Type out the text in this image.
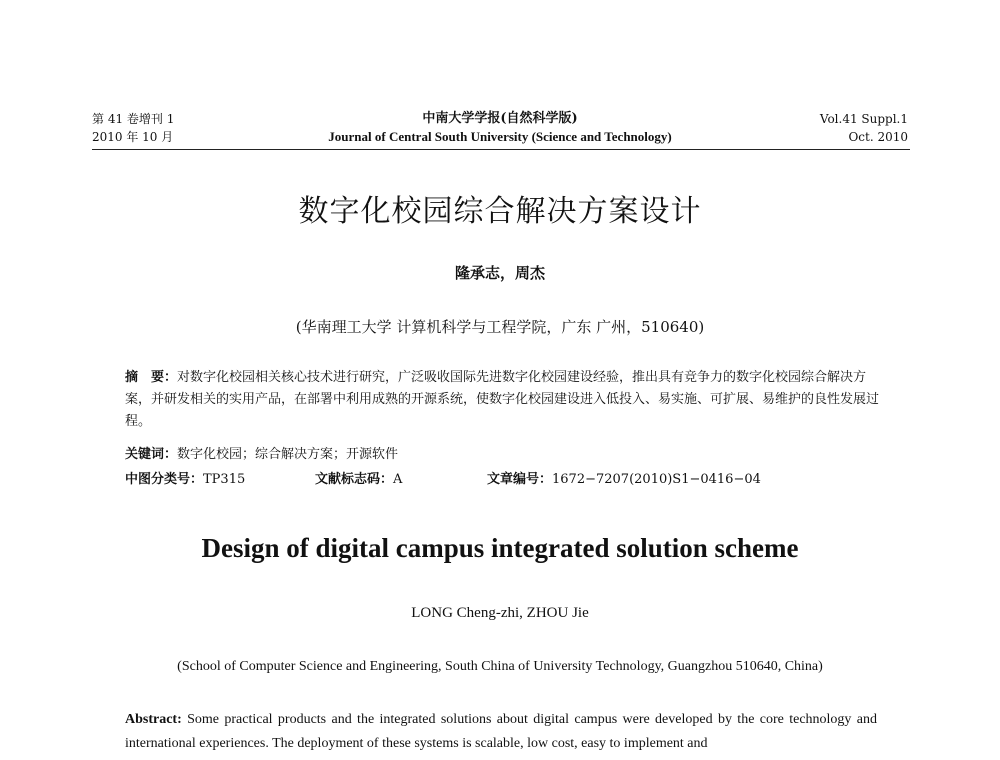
第 41 卷增刊 1
2010 年 10 月
中南大学学报(自然科学版)
Journal of Central South University (Science and Technology)
Vol.41 Suppl.1
Oct. 2010
数字化校园综合解决方案设计
隆承志，周杰
(华南理工大学 计算机科学与工程学院，广东 广州，510640)
摘　要：对数字化校园相关核心技术进行研究，广泛吸收国际先进数字化校园建设经验，推出具有竞争力的数字化校园综合解决方案，并研发相关的实用产品，在部署中利用成熟的开源系统，使数字化校园建设进入低投入、易实施、可扩展、易维护的良性发展过程。
关键词：数字化校园；综合解决方案；开源软件
中图分类号：TP315	文献标志码：A	文章编号：1672−7207(2010)S1−0416−04
Design of digital campus integrated solution scheme
LONG Cheng-zhi, ZHOU Jie
(School of Computer Science and Engineering, South China of University Technology, Guangzhou 510640, China)
Abstract: Some practical products and the integrated solutions about digital campus were developed by the core technology and international experiences. The deployment of these systems is scalable, low cost, easy to implement and
